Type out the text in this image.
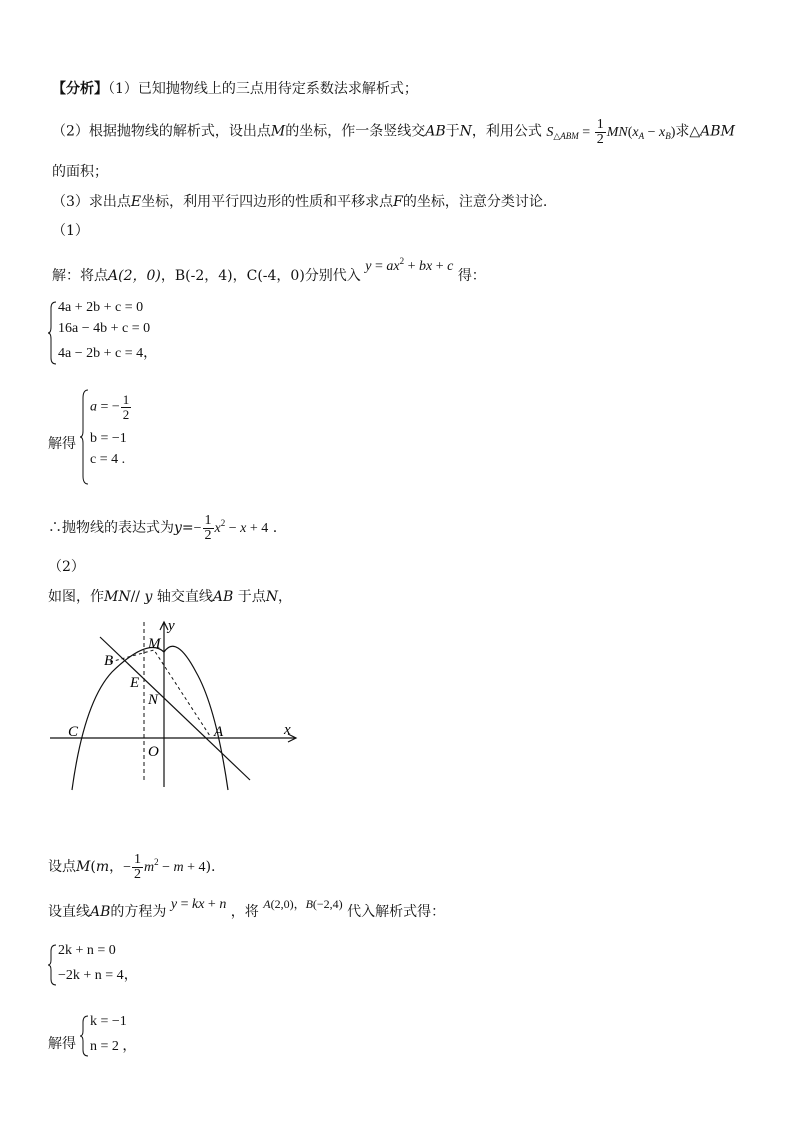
【分析】（1）已知抛物线上的三点用待定系数法求解析式；
（2）根据抛物线的解析式，设出点M的坐标，作一条竖线交AB于N，利用公式 $S_{\triangle ABM} = \frac{1}{2} MN(x_A - x_B)$求△ABM
的面积；
（3）求出点E坐标，利用平行四边形的性质和平移求点F的坐标，注意分类讨论.
（1）
解：将点A(2，0)，B(-2，4)，C(-4，0)分别代入 $y = ax^2$ + bx + c 得：
4a + 2b + c = 0
16a − 4b + c = 0
4a − 2b + c = 4，
解得
a = − $\frac{1}{2}$
b = −1
c = 4 .
∴抛物线的表达式为$y=- \frac{1}{2} x^2 - x + 4$ .
（2）
如图，作MN// y 轴交直线AB 于点N，
y
x
O
A
B
C
M
E
N
设点M(m，− $\frac{1}{2} m^2 - m + 4$).
设直线AB的方程为 y = kx + n ，将 A(2,0)，B(−2,4) 代入解析式得：
2k + n = 0
−2k + n = 4，
解得
k = −1
n = 2 ，
